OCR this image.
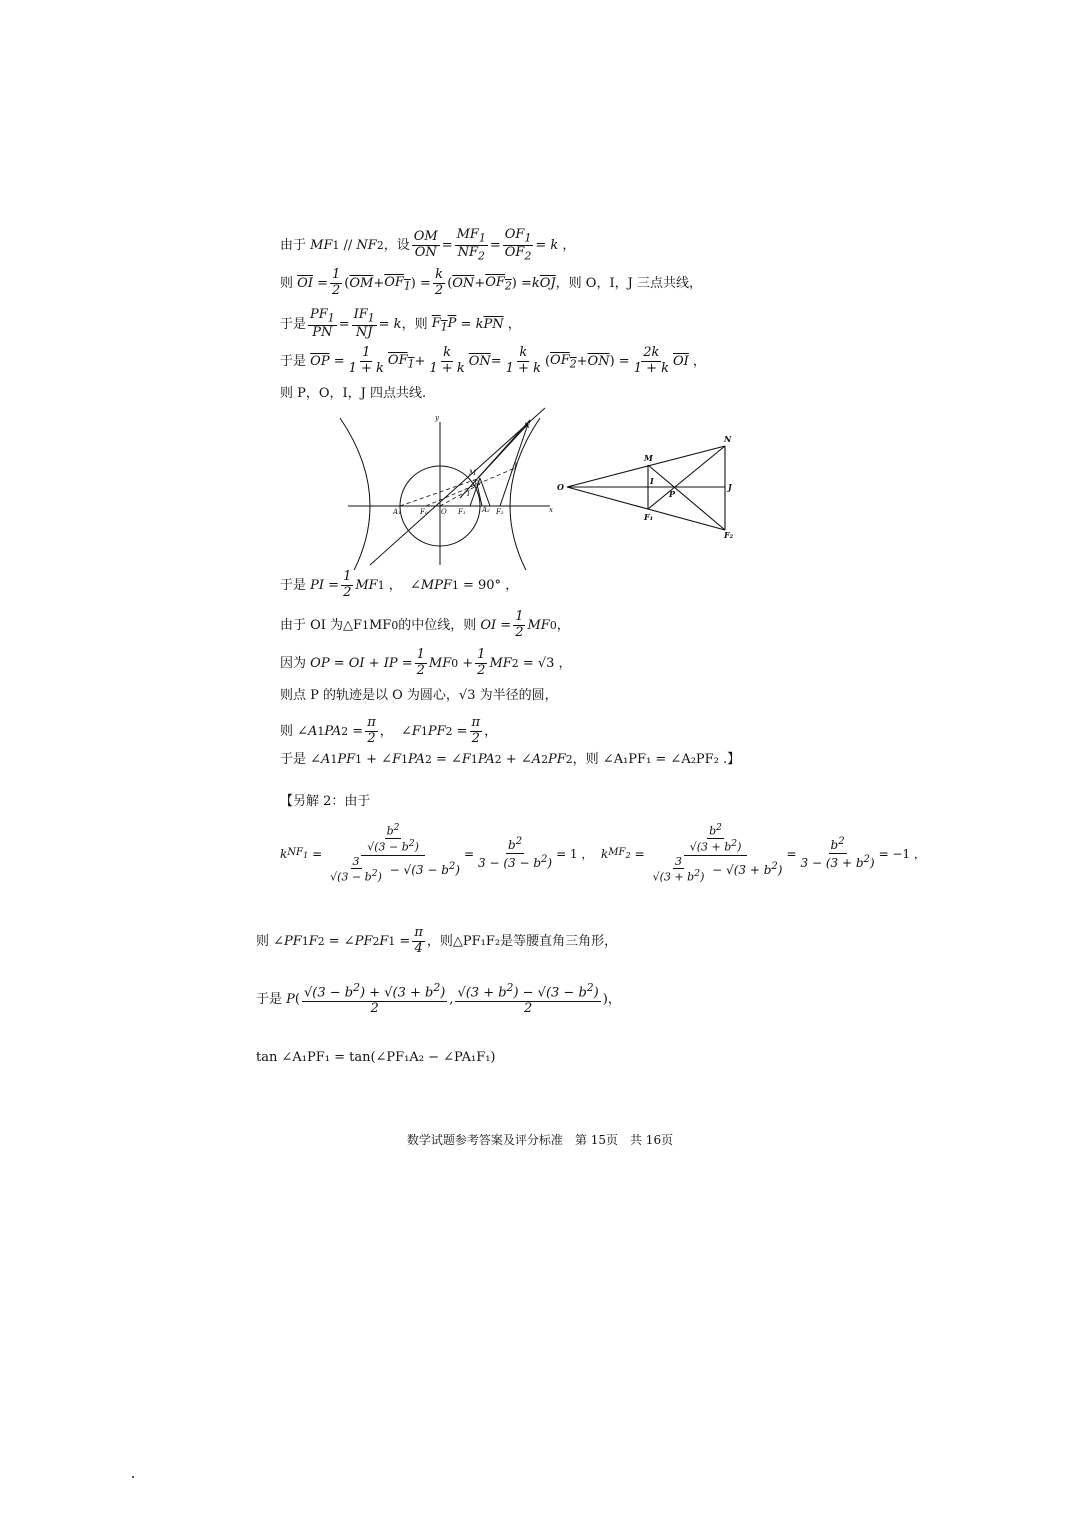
由于
MF 1 // NF 2 ，设 $\frac{OM}{ON} = \frac{MF_1}{NF_2} = \frac{OF_1}{OF_2} = k$ ，
则
$\overline{OI} = \frac{1}{2}$ ( $\overline{OM} + OF_1$ ) = $\frac{k}{2}$ ( $\overline{ON} + OF_2$ ) = k $\overline{OJ}$ ，则 O，I，J 三点共线，
于是 $\frac{PF_1}{PN} = \frac{IF_1}{NJ} = k$ ，则
$F_1P = k$ $\overline{PN}$ ，
于是
$\overline{OP} = \frac{1}{1 + k} OF_1 + \frac{k}{1 + k} \overline{ON} = \frac{k}{1 + k}$ ( $OF_2 + \overline{ON}$ ) = $\frac{2k}{1 + k} \overline{OI}$ ，
则 P，O，I，J 四点共线.
A₁	F₀ O F₁ A₂ F₂	x
y
M
N
P
I
J
O
M
N
I
P
J
F₁
F₂
于是
PI = $\frac{1}{2}$ MF 1 ，  ∠ MPF 1 = 90° ，
由于 OI 为△F 1 MF 0 的中位线，则
OI = $\frac{1}{2}$ MF 0 ，
因为
OP = OI + IP = $\frac{1}{2}$ MF $0 + \frac{1}{2}$ MF 2 = √3 ，
则点 P 的轨迹是以 O 为圆心，√3 为半径的圆，
则 ∠ A 1 PA $2 = \frac{\pi}{2}$ ，  ∠ F 1 PF $2 = \frac{\pi}{2}$ ，
于是 ∠ A 1 PF 1 + ∠ F 1 PA 2 = ∠ F 1 PA 2 + ∠ A 2 PF 2 ，则 ∠A₁PF₁ = ∠A₂PF₂ .】
【另解 2：由于
k $NF_1 = \frac{\frac{b^2}{√(3 - b^2)}}{\frac{3}{√(3 - b^2)} - √(3 - b^2)} = \frac{b^2}{3 - (3 - b^2)} = 1$ ， k $MF_2 = \frac{\frac{b^2}{√(3 + b^2)}}{\frac{3}{√(3 + b^2)} - √(3 + b^2)} = \frac{b^2}{3 - (3 + b^2)} = -1$ ，
则 ∠ PF 1 F 2 = ∠ PF 2 F $1 = \frac{\pi}{4}$ ，则△PF₁F₂是等腰直角三角形，
于是
P ( $\frac{√(3 - b^2) + √(3 + b^2)}{2}$ , $\frac{√(3 + b^2) - √(3 - b^2)}{2}$ )，
tan ∠A₁PF₁ = tan(∠PF₁A₂ − ∠PA₁F₁)
数学试题参考答案及评分标准　第 15页　共 16页
